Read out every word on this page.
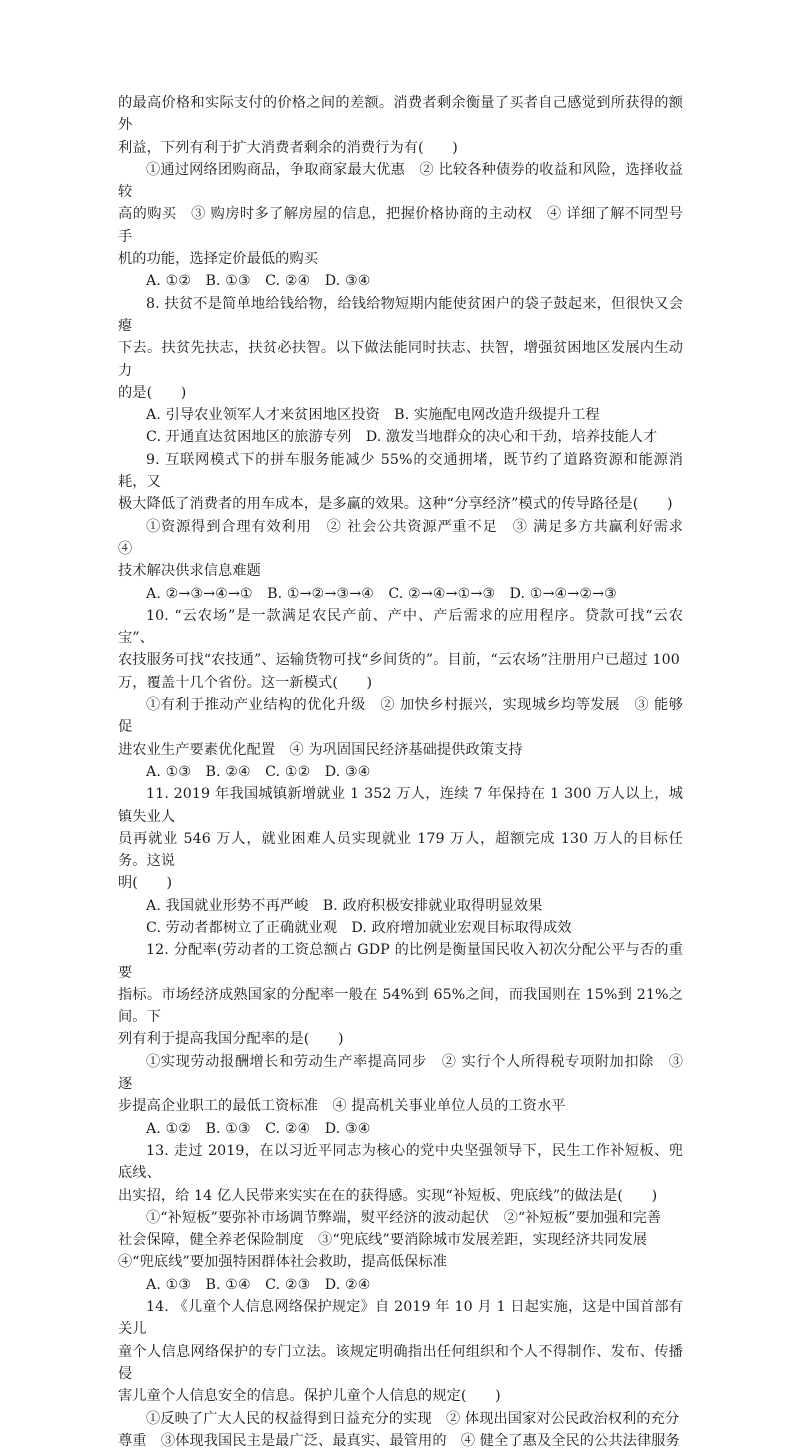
的最高价格和实际支付的价格之间的差额。消费者剩余衡量了买者自己感觉到所获得的额外

利益，下列有利于扩大消费者剩余的消费行为有(　　)

①通过网络团购商品，争取商家最大优惠　② 比较各种债券的收益和风险，选择收益较

高的购买　③ 购房时多了解房屋的信息，把握价格协商的主动权　④ 详细了解不同型号手

机的功能，选择定价最低的购买

A. ①②　B. ①③　C. ②④　D. ③④

8. 扶贫不是简单地给钱给物，给钱给物短期内能使贫困户的袋子鼓起来，但很快又会瘪

下去。扶贫先扶志，扶贫必扶智。以下做法能同时扶志、扶智，增强贫困地区发展内生动力

的是(　　)

A. 引导农业领军人才来贫困地区投资　B. 实施配电网改造升级提升工程

C. 开通直达贫困地区的旅游专列　D. 激发当地群众的决心和干劲，培养技能人才

9. 互联网模式下的拼车服务能减少 55%的交通拥堵，既节约了道路资源和能源消耗，又

极大降低了消费者的用车成本，是多赢的效果。这种“分享经济”模式的传导路径是(　　)

①资源得到合理有效利用　② 社会公共资源严重不足　③ 满足多方共赢利好需求　④

技术解决供求信息难题

A. ②→③→④→①　B. ①→②→③→④　C. ②→④→①→③　D. ①→④→②→③

10. “云农场”是一款满足农民产前、产中、产后需求的应用程序。贷款可找“云农宝”、

农技服务可找“农技通”、运输货物可找“乡间货的”。目前，“云农场”注册用户已超过 100

万，覆盖十几个省份。这一新模式(　　)

①有利于推动产业结构的优化升级　② 加快乡村振兴，实现城乡均等发展　③ 能够促

进农业生产要素优化配置　④ 为巩固国民经济基础提供政策支持

A. ①③　B. ②④　C. ①②　D. ③④

11. 2019 年我国城镇新增就业 1 352 万人，连续 7 年保持在 1 300 万人以上，城镇失业人

员再就业 546 万人，就业困难人员实现就业 179 万人，超额完成 130 万人的目标任务。这说

明(　　)

A. 我国就业形势不再严峻　B. 政府积极安排就业取得明显效果

C. 劳动者都树立了正确就业观　D. 政府增加就业宏观目标取得成效

12. 分配率(劳动者的工资总额占 GDP 的比例是衡量国民收入初次分配公平与否的重要

指标。市场经济成熟国家的分配率一般在 54%到 65%之间，而我国则在 15%到 21%之间。下

列有利于提高我国分配率的是(　　)

①实现劳动报酬增长和劳动生产率提高同步　② 实行个人所得税专项附加扣除　③ 逐

步提高企业职工的最低工资标准　④ 提高机关事业单位人员的工资水平

A. ①②　B. ①③　C. ②④　D. ③④

13. 走过 2019，在以习近平同志为核心的党中央坚强领导下，民生工作补短板、兜底线、

出实招，给 14 亿人民带来实实在在的获得感。实现“补短板、兜底线”的做法是(　　)

①“补短板”要弥补市场调节弊端，熨平经济的波动起伏　②“补短板”要加强和完善

社会保障，健全养老保险制度　③“兜底线”要消除城市发展差距，实现经济共同发展

④“兜底线”要加强特困群体社会救助，提高低保标准

A. ①③　B. ①④　C. ②③　D. ②④

14. 《儿童个人信息网络保护规定》自 2019 年 10 月 1 日起实施，这是中国首部有关儿

童个人信息网络保护的专门立法。该规定明确指出任何组织和个人不得制作、发布、传播侵

害儿童个人信息安全的信息。保护儿童个人信息的规定(　　)

①反映了广大人民的权益得到日益充分的实现　② 体现出国家对公民政治权利的充分

尊重　③体现我国民主是最广泛、最真实、最管用的　④ 健全了惠及全民的公共法律服务
